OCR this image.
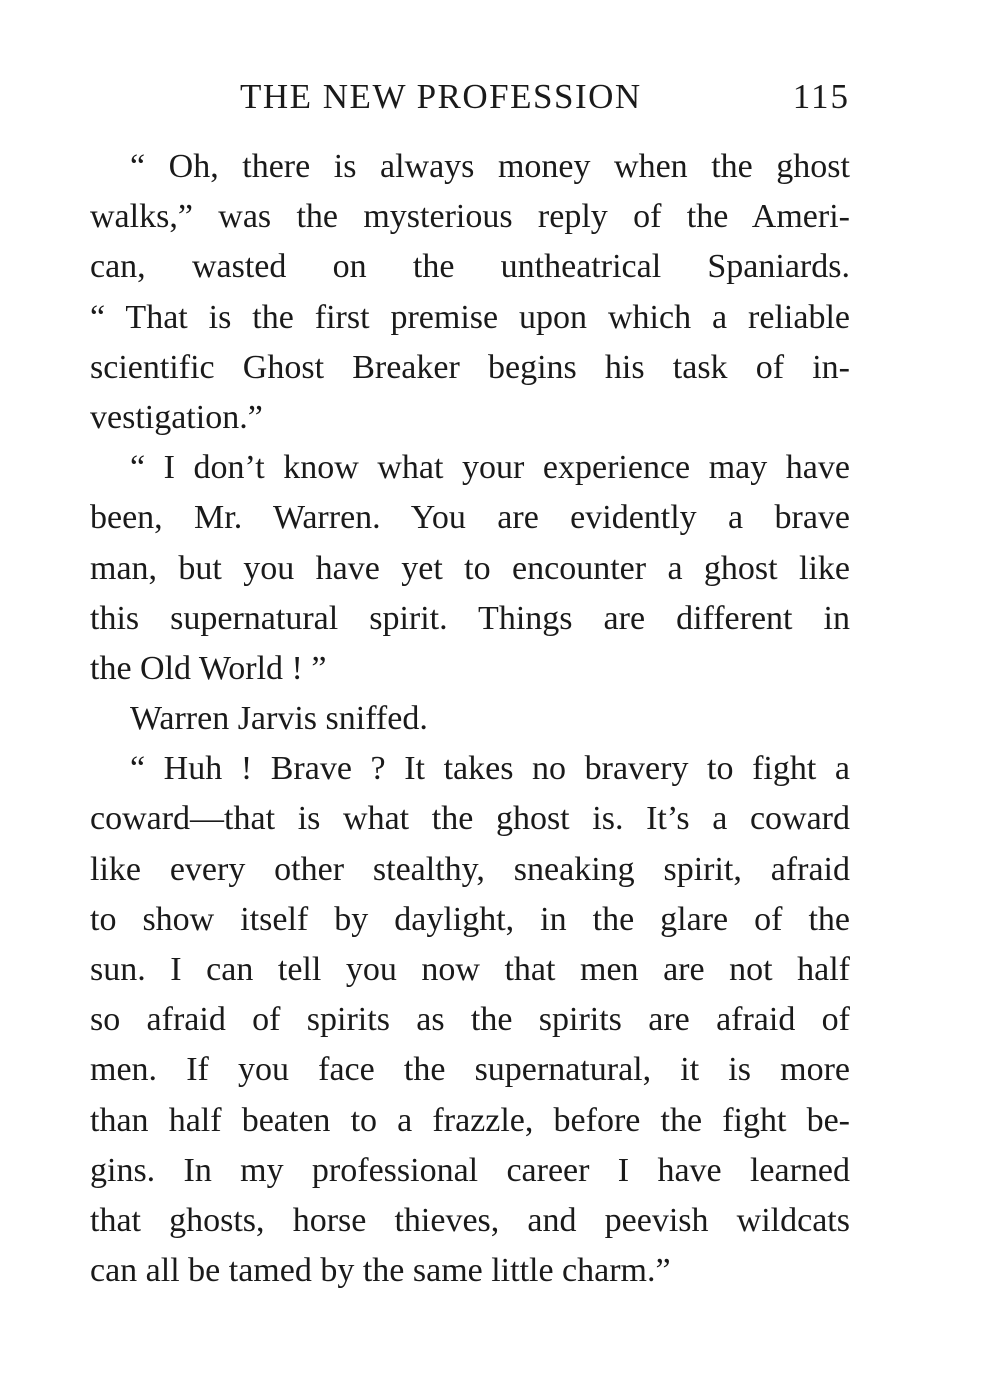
THE NEW PROFESSION	115
“ Oh, there is always money when the ghost
walks,” was the mysterious reply of the Ameri-
can, wasted on the untheatrical Spaniards.
“ That is the first premise upon which a reliable
scientific Ghost Breaker begins his task of in-
vestigation.”
“ I don’t know what your experience may have
been, Mr. Warren. You are evidently a brave
man, but you have yet to encounter a ghost like
this supernatural spirit. Things are different in
the Old World ! ”
Warren Jarvis sniffed.
“ Huh ! Brave ? It takes no bravery to fight a
coward—that is what the ghost is. It’s a coward
like every other stealthy, sneaking spirit, afraid
to show itself by daylight, in the glare of the
sun. I can tell you now that men are not half
so afraid of spirits as the spirits are afraid of
men. If you face the supernatural, it is more
than half beaten to a frazzle, before the fight be-
gins. In my professional career I have learned
that ghosts, horse thieves, and peevish wildcats
can all be tamed by the same little charm.”
